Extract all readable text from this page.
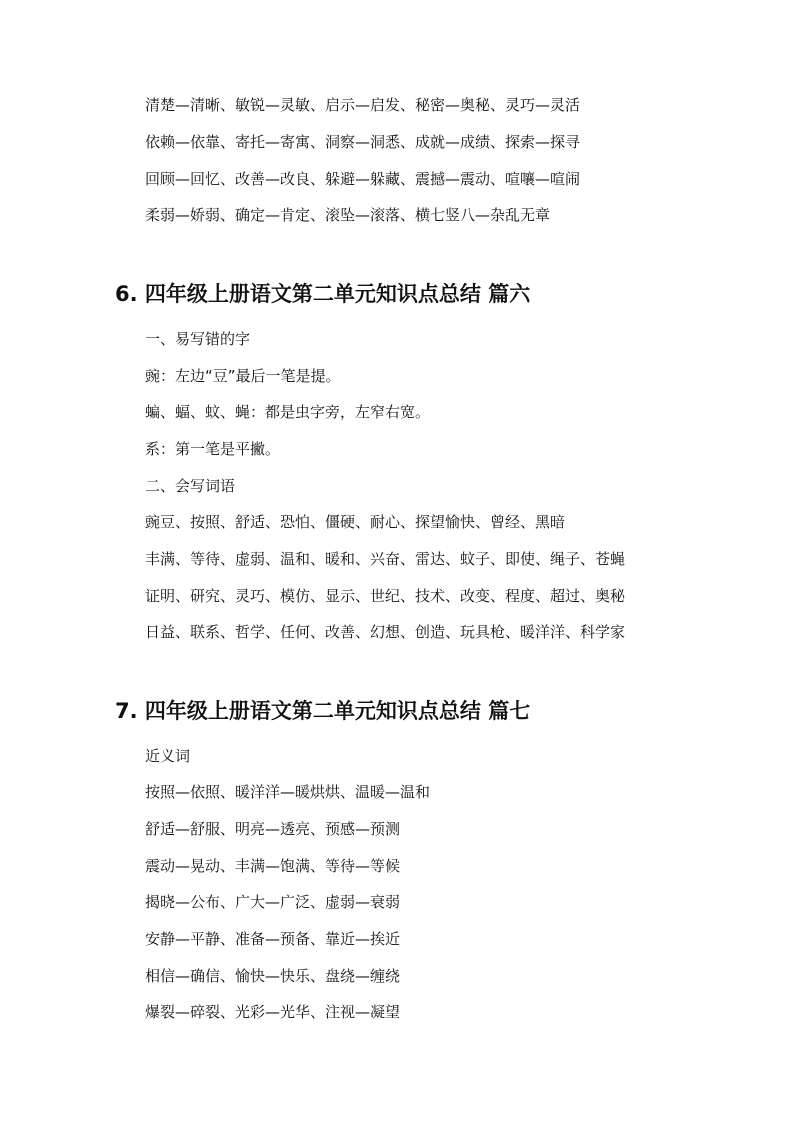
清楚—清晰、敏锐—灵敏、启示—启发、秘密—奥秘、灵巧—灵活
依赖—依靠、寄托—寄寓、洞察—洞悉、成就—成绩、探索—探寻
回顾—回忆、改善—改良、躲避—躲藏、震撼—震动、喧嚷—喧闹
柔弱—娇弱、确定—肯定、滚坠—滚落、横七竖八—杂乱无章
6. 四年级上册语文第二单元知识点总结 篇六
一、易写错的字
豌：左边“豆”最后一笔是提。
蝙、蝠、蚊、蝇：都是虫字旁，左窄右宽。
系：第一笔是平撇。
二、会写词语
豌豆、按照、舒适、恐怕、僵硬、耐心、探望愉快、曾经、黑暗
丰满、等待、虚弱、温和、暖和、兴奋、雷达、蚊子、即使、绳子、苍蝇
证明、研究、灵巧、模仿、显示、世纪、技术、改变、程度、超过、奥秘
日益、联系、哲学、任何、改善、幻想、创造、玩具枪、暖洋洋、科学家
7. 四年级上册语文第二单元知识点总结 篇七
近义词
按照—依照、暖洋洋—暖烘烘、温暖—温和
舒适—舒服、明亮—透亮、预感—预测
震动—晃动、丰满—饱满、等待—等候
揭晓—公布、广大—广泛、虚弱—衰弱
安静—平静、准备—预备、靠近—挨近
相信—确信、愉快—快乐、盘绕—缠绕
爆裂—碎裂、光彩—光华、注视—凝望
